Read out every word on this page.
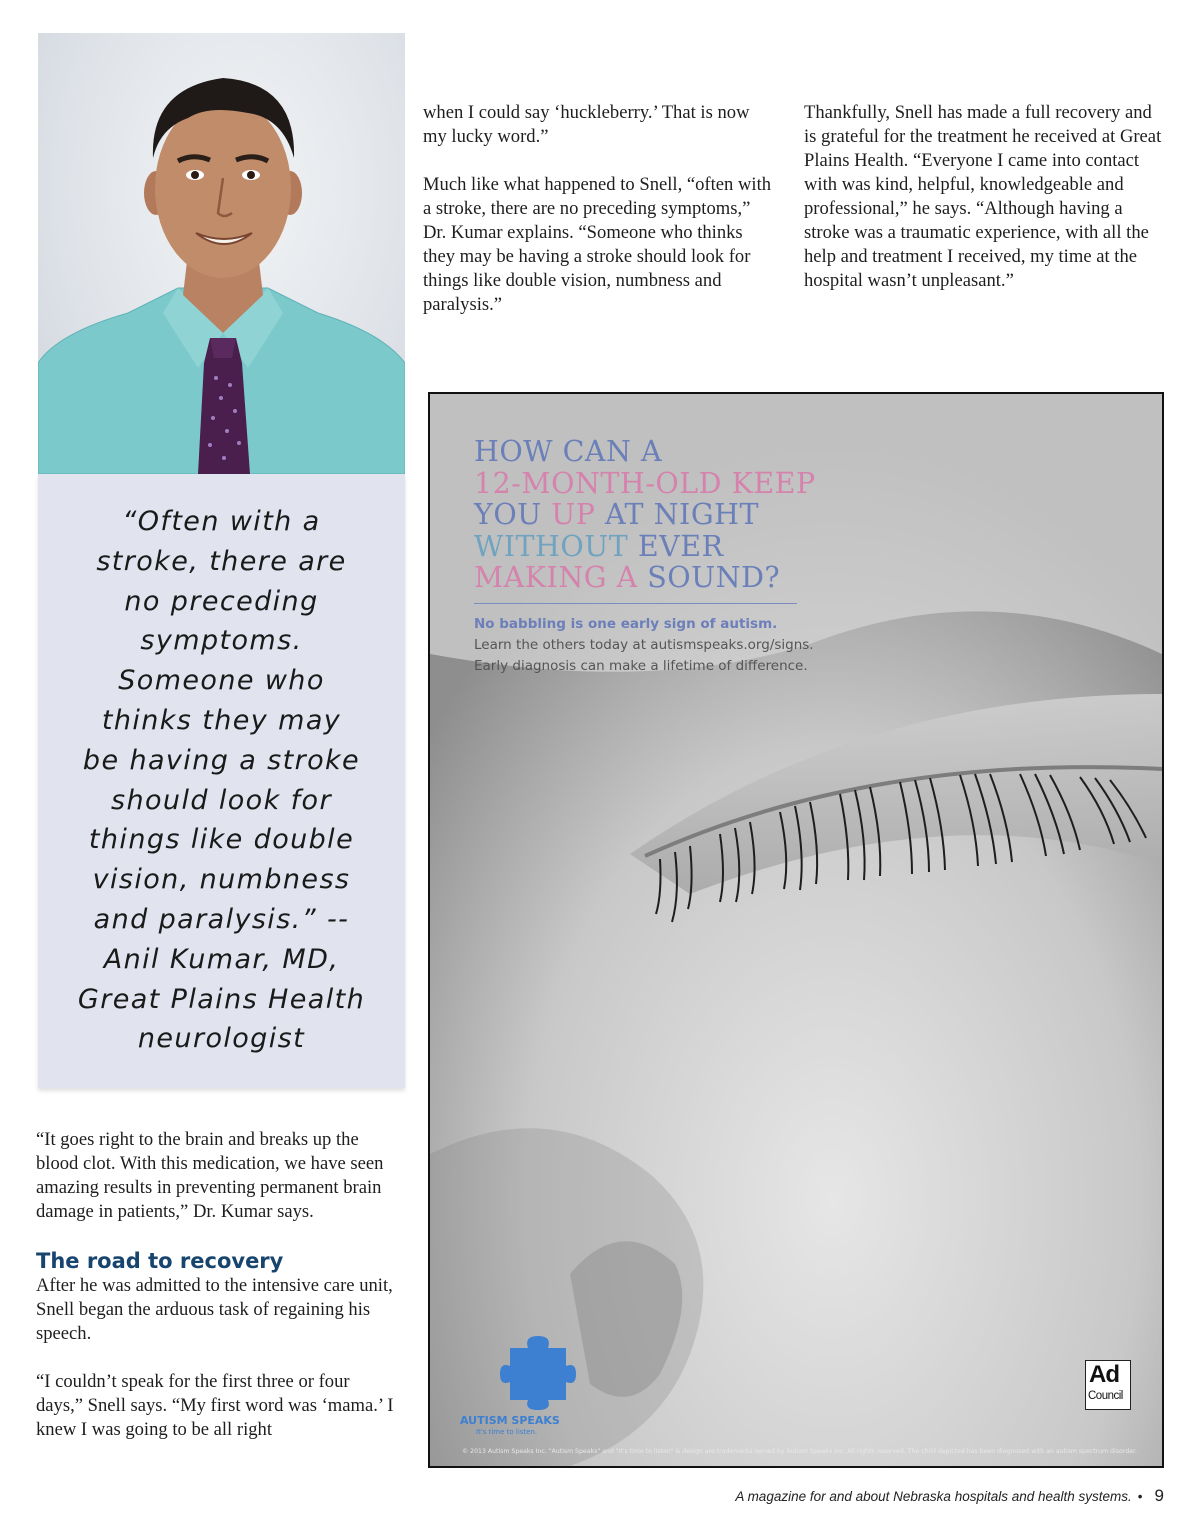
“Often with a
stroke, there are
no preceding
symptoms.
Someone who
thinks they may
be having a stroke
should look for
things like double
vision, numbness
and paralysis.” --
Anil Kumar, MD,
Great Plains Health
neurologist

when I could say ‘huckleberry.’ That is now my lucky word.”

Much like what happened to Snell, “often with a stroke, there are no preceding symptoms,” Dr. Kumar explains. “Someone who thinks they may be having a stroke should look for things like double vision, numbness and paralysis.”

Thankfully, Snell has made a full recovery and is grateful for the treatment he received at Great Plains Health. “Everyone I came into contact with was kind, helpful, knowledgeable and professional,” he says. “Although having a stroke was a traumatic experience, with all the help and treatment I received, my time at the hospital wasn’t unpleasant.”

“It goes right to the brain and breaks up the blood clot. With this medication, we have seen amazing results in preventing permanent brain damage in patients,” Dr. Kumar says.

The road to recovery

After he was admitted to the intensive care unit, Snell began the arduous task of regaining his speech.

“I couldn’t speak for the first three or four days,” Snell says. “My first word was ‘mama.’ I knew I was going to be all right

HOW CAN A
12-MONTH-OLD KEEP
YOU UP AT NIGHT
WITHOUT EVER
MAKING A SOUND?

No babbling is one early sign of autism.
Learn the others today at autismspeaks.org/signs.
Early diagnosis can make a lifetime of difference.

AUTISM SPEAKS

It's time to listen.

Ad

Council

© 2013 Autism Speaks Inc. "Autism Speaks" and "It's time to listen" & design are trademarks owned by Autism Speaks Inc. All rights reserved. The child depicted has been diagnosed with an autism spectrum disorder.

A magazine for and about Nebraska hospitals and health systems. • 9
